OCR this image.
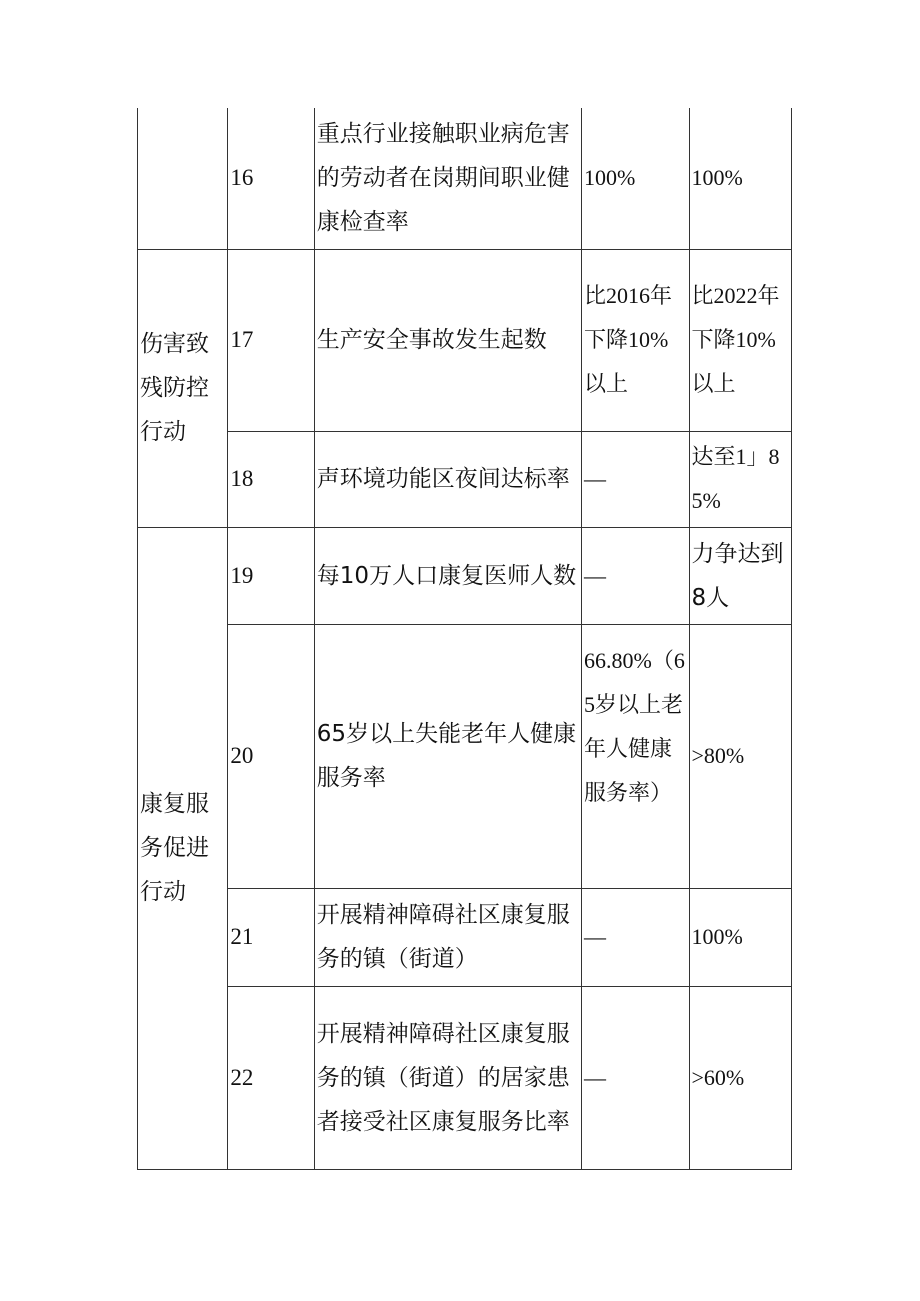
	16	重点行业接触职业病危害的劳动者在岗期间职业健康检查率	100%	100%

伤害致残防控行动	17	生产安全事故发生起数	比2016年下降10%以上	比2022年下降10%以上
	18	声环境功能区夜间达标率	—	达至1」85%

康复服务促进行动	19	每10万人口康复医师人数	—	力争达到8人
	20	65岁以上失能老年人健康服务率	66.80%（65岁以上老年人健康服务率）	>80%
	21	开展精神障碍社区康复服务的镇（街道）	—	100%
	22	开展精神障碍社区康复服务的镇（街道）的居家患者接受社区康复服务比率	—	>60%
